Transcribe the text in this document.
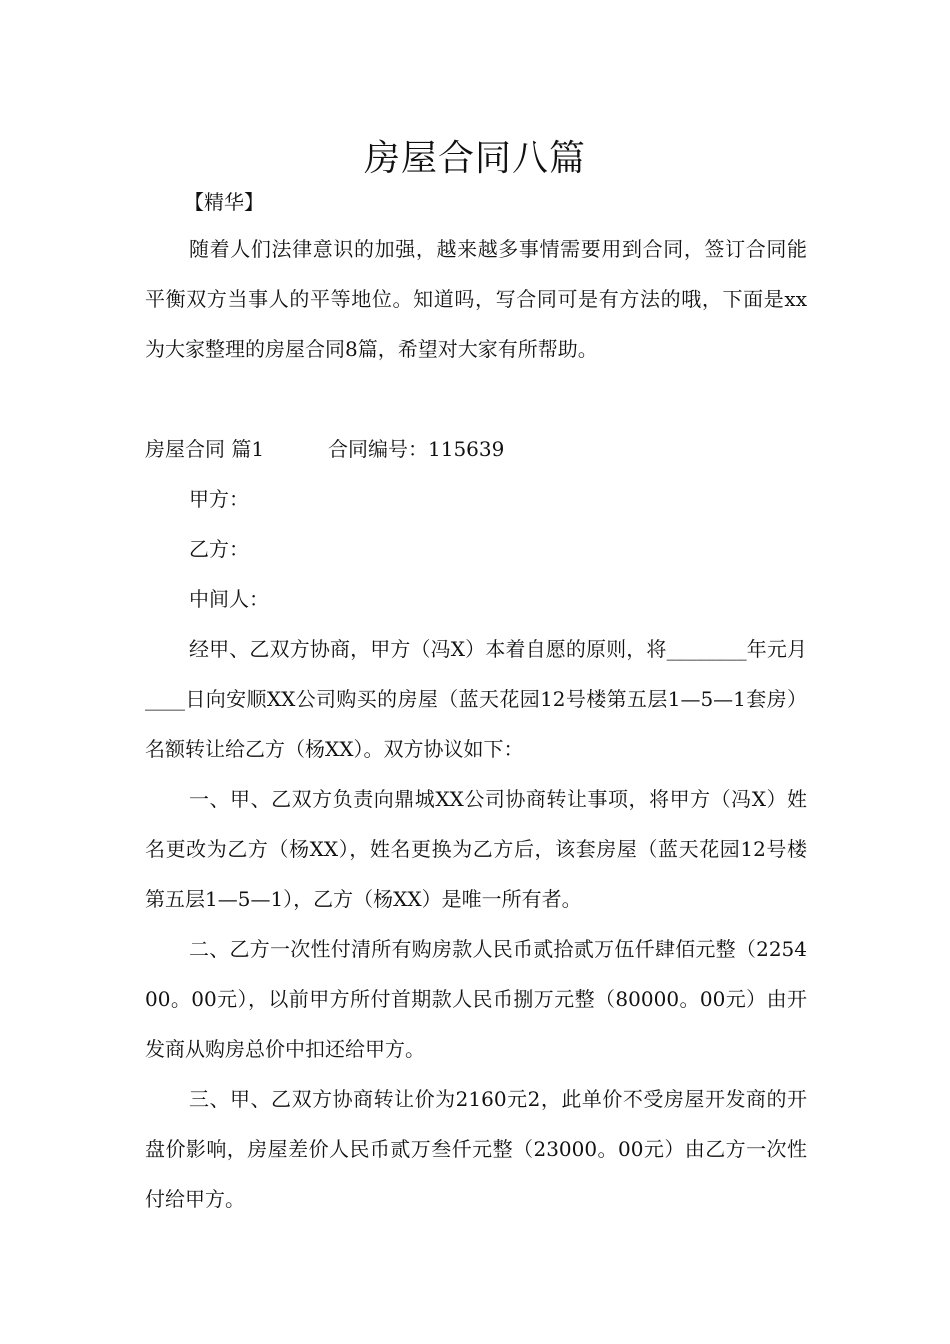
房屋合同八篇
【精华】

随着人们法律意识的加强，越来越多事情需要用到合同，签订合同能平衡双方当事人的平等地位。知道吗，写合同可是有方法的哦，下面是xx为大家整理的房屋合同8篇，希望对大家有所帮助。

房屋合同 篇1	合同编号：115639
甲方：
乙方：
中间人：

经甲、乙双方协商，甲方（冯X）本着自愿的原则，将________年元月____日向安顺XX公司购买的房屋（蓝天花园12号楼第五层1—5—1套房）名额转让给乙方（杨XX）。双方协议如下：

一、甲、乙双方负责向鼎城XX公司协商转让事项，将甲方（冯X）姓名更改为乙方（杨XX），姓名更换为乙方后，该套房屋（蓝天花园12号楼第五层1—5—1），乙方（杨XX）是唯一所有者。

二、乙方一次性付清所有购房款人民币贰拾贰万伍仟肆佰元整（225400。00元），以前甲方所付首期款人民币捌万元整（80000。00元）由开发商从购房总价中扣还给甲方。

三、甲、乙双方协商转让价为2160元2，此单价不受房屋开发商的开盘价影响，房屋差价人民币贰万叁仟元整（23000。00元）由乙方一次性付给甲方。
